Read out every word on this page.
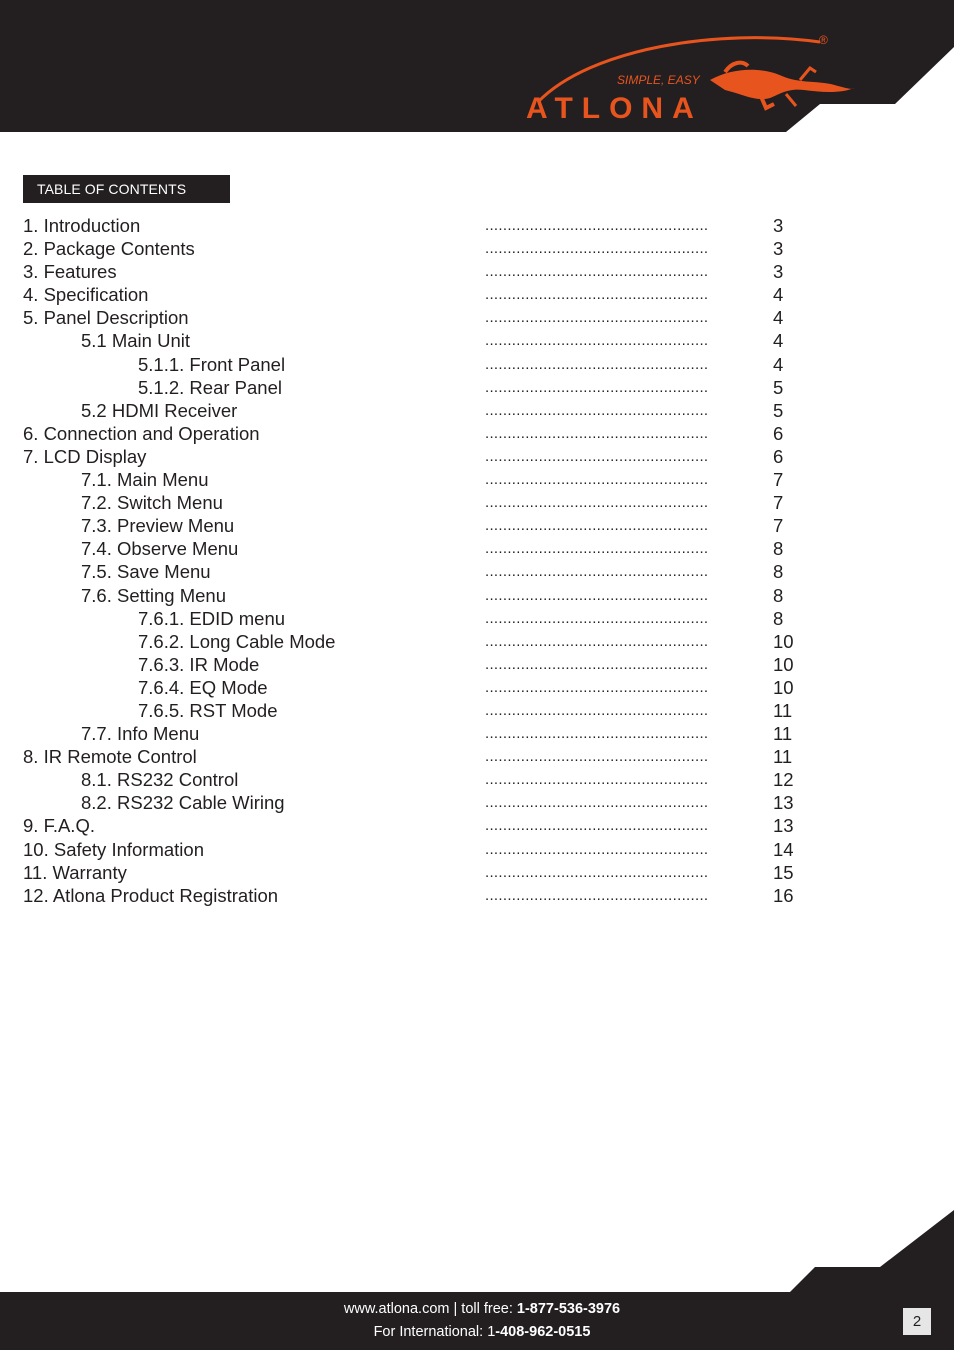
SIMPLE, EASY
ATLONA
®
TABLE OF CONTENTS
1. Introduction	..................................................	3
2. Package Contents	..................................................	3
3. Features	..................................................	3
4. Specification	..................................................	4
5. Panel Description	..................................................	4
5.1 Main Unit	..................................................	4
5.1.1. Front Panel	..................................................	4
5.1.2. Rear Panel	..................................................	5
5.2 HDMI Receiver	..................................................	5
6. Connection and Operation	..................................................	6
7. LCD Display	..................................................	6
7.1. Main Menu	..................................................	7
7.2. Switch Menu	..................................................	7
7.3. Preview Menu	..................................................	7
7.4. Observe Menu	..................................................	8
7.5. Save Menu	..................................................	8
7.6. Setting Menu	..................................................	8
7.6.1. EDID menu	..................................................	8
7.6.2. Long Cable Mode	..................................................	10
7.6.3. IR Mode	..................................................	10
7.6.4. EQ Mode	..................................................	10
7.6.5. RST Mode	..................................................	11
7.7. Info Menu	..................................................	11
8. IR Remote Control	..................................................	11
8.1. RS232 Control	..................................................	12
8.2. RS232 Cable Wiring	..................................................	13
9. F.A.Q.	..................................................	13
10. Safety Information	..................................................	14
11. Warranty	..................................................	15
12. Atlona Product Registration	..................................................	16
www.atlona.com | toll free: 1-877-536-3976
For International: 1-408-962-0515
2
